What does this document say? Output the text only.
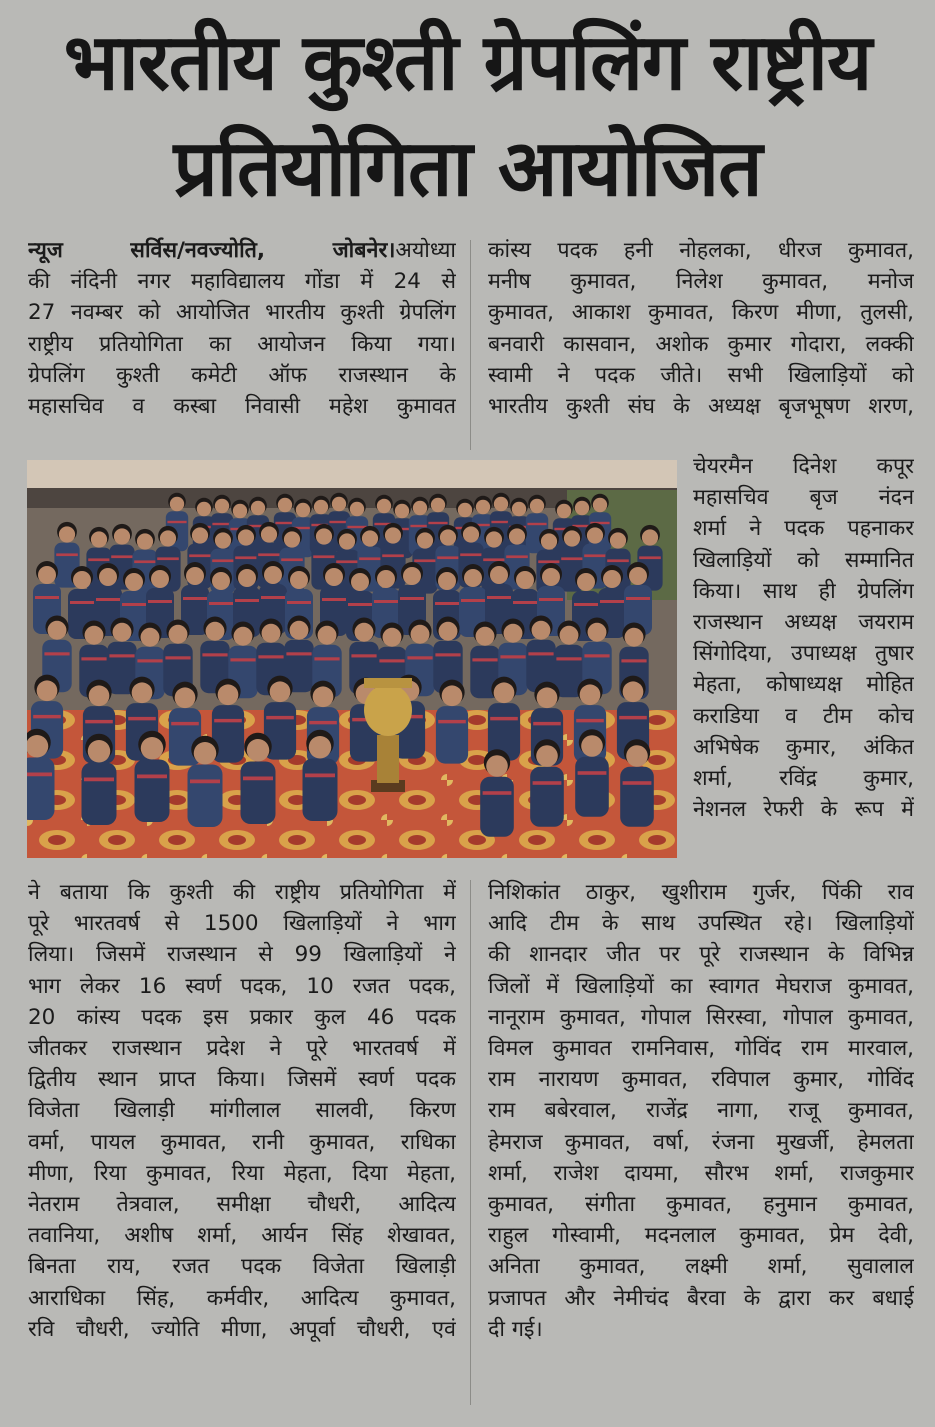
भारतीय कुश्ती ग्रेपलिंग राष्ट्रीय
प्रतियोगिता आयोजित
न्यूज सर्विस/नवज्योति, जोबनेर।अयोध्या
की नंदिनी नगर महाविद्यालय गोंडा में 24 से
27 नवम्बर को आयोजित भारतीय कुश्ती ग्रेपलिंग
राष्ट्रीय प्रतियोगिता का आयोजन किया गया।
ग्रेपलिंग कुश्ती कमेटी ऑफ राजस्थान के
महासचिव व कस्बा निवासी महेश कुमावत
कांस्य पदक हनी नोहलका, धीरज कुमावत,
मनीष कुमावत, निलेश कुमावत, मनोज
कुमावत, आकाश कुमावत, किरण मीणा, तुलसी,
बनवारी कासवान, अशोक कुमार गोदारा, लक्की
स्वामी ने पदक जीते। सभी खिलाड़ियों को
भारतीय कुश्ती संघ के अध्यक्ष बृजभूषण शरण,
चेयरमैन दिनेश कपूर
महासचिव बृज नंदन
शर्मा ने पदक पहनाकर
खिलाड़ियों को सम्मानित
किया। साथ ही ग्रेपलिंग
राजस्थान अध्यक्ष जयराम
सिंगोदिया, उपाध्यक्ष तुषार
मेहता, कोषाध्यक्ष मोहित
कराडिया व टीम कोच
अभिषेक कुमार, अंकित
शर्मा, रविंद्र कुमार,
नेशनल रेफरी के रूप में
ने बताया कि कुश्ती की राष्ट्रीय प्रतियोगिता में
पूरे भारतवर्ष से 1500 खिलाड़ियों ने भाग
लिया। जिसमें राजस्थान से 99 खिलाड़ियों ने
भाग लेकर 16 स्वर्ण पदक, 10 रजत पदक,
20 कांस्य पदक इस प्रकार कुल 46 पदक
जीतकर राजस्थान प्रदेश ने पूरे भारतवर्ष में
द्वितीय स्थान प्राप्त किया। जिसमें स्वर्ण पदक
विजेता खिलाड़ी मांगीलाल सालवी, किरण
वर्मा, पायल कुमावत, रानी कुमावत, राधिका
मीणा, रिया कुमावत, रिया मेहता, दिया मेहता,
नेतराम तेत्रवाल, समीक्षा चौधरी, आदित्य
तवानिया, अशीष शर्मा, आर्यन सिंह शेखावत,
बिनता राय, रजत पदक विजेता खिलाड़ी
आराधिका सिंह, कर्मवीर, आदित्य कुमावत,
रवि चौधरी, ज्योति मीणा, अपूर्वा चौधरी, एवं
निशिकांत ठाकुर, खुशीराम गुर्जर, पिंकी राव
आदि टीम के साथ उपस्थित रहे। खिलाड़ियों
की शानदार जीत पर पूरे राजस्थान के विभिन्न
जिलों में खिलाड़ियों का स्वागत मेघराज कुमावत,
नानूराम कुमावत, गोपाल सिरस्वा, गोपाल कुमावत,
विमल कुमावत रामनिवास, गोविंद राम मारवाल,
राम नारायण कुमावत, रविपाल कुमार, गोविंद
राम बबेरवाल, राजेंद्र नागा, राजू कुमावत,
हेमराज कुमावत, वर्षा, रंजना मुखर्जी, हेमलता
शर्मा, राजेश दायमा, सौरभ शर्मा, राजकुमार
कुमावत, संगीता कुमावत, हनुमान कुमावत,
राहुल गोस्वामी, मदनलाल कुमावत, प्रेम देवी,
अनिता कुमावत, लक्ष्मी शर्मा, सुवालाल
प्रजापत और नेमीचंद बैरवा के द्वारा कर बधाई
दी गई।
